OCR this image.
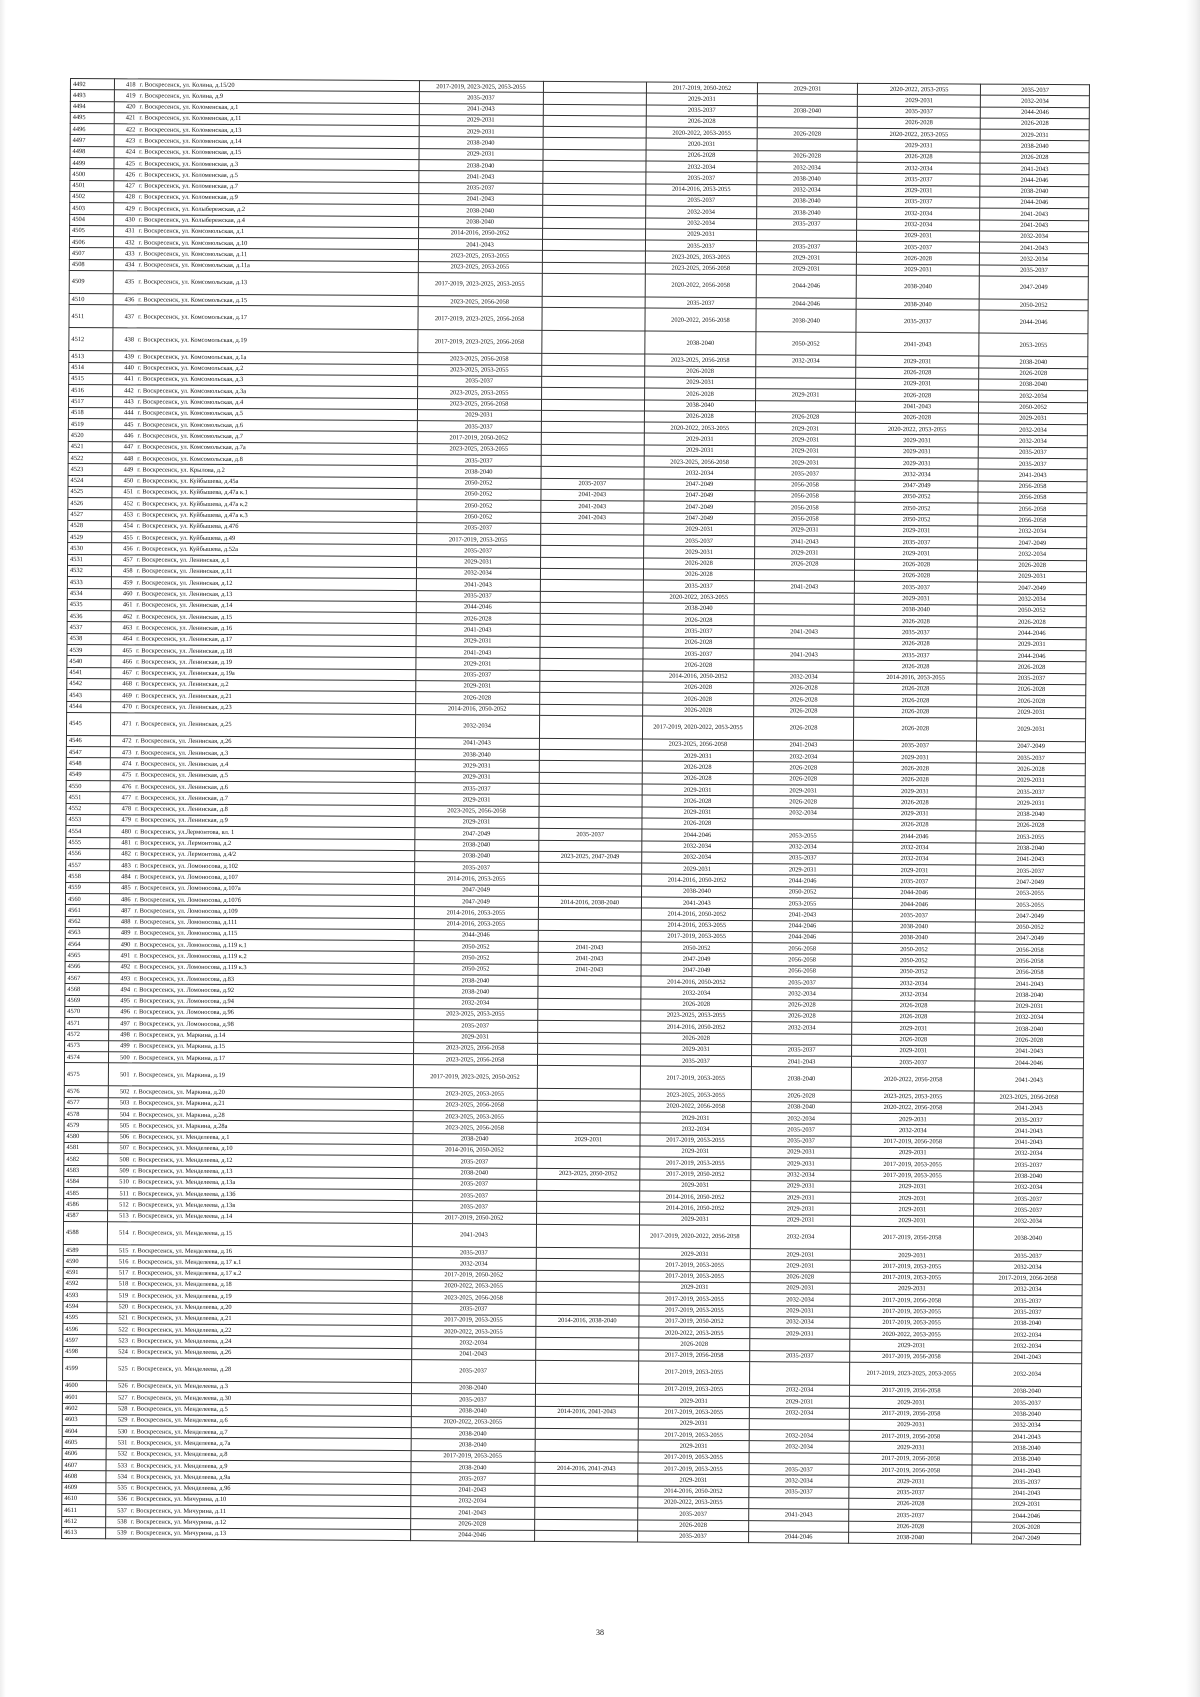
4492	418	г. Воскресенск, ул. Колина, д.15/20	2017-2019, 2023-2025, 2053-2055		2017-2019, 2050-2052	2029-2031	2020-2022, 2053-2055	2035-2037
4493	419	г. Воскресенск, ул. Колина, д.9	2035-2037		2029-2031		2029-2031	2032-2034
4494	420	г. Воскресенск, ул. Коломенская, д.1	2041-2043		2035-2037	2038-2040	2035-2037	2044-2046
4495	421	г. Воскресенск, ул. Коломенская, д.11	2029-2031		2026-2028		2026-2028	2026-2028
4496	422	г. Воскресенск, ул. Коломенская, д.13	2029-2031		2020-2022, 2053-2055	2026-2028	2020-2022, 2053-2055	2029-2031
4497	423	г. Воскресенск, ул. Коломенская, д.14	2038-2040		2020-2031		2029-2031	2038-2040
4498	424	г. Воскресенск, ул. Коломенская, д.15	2029-2031		2026-2028	2026-2028	2026-2028	2026-2028
4499	425	г. Воскресенск, ул. Коломенская, д.3	2038-2040		2032-2034	2032-2034	2032-2034	2041-2043
4500	426	г. Воскресенск, ул. Коломенская, д.5	2041-2043		2035-2037	2038-2040	2035-2037	2044-2046
4501	427	г. Воскресенск, ул. Коломенская, д.7	2035-2037		2014-2016, 2053-2055	2032-2034	2029-2031	2038-2040
4502	428	г. Воскресенск, ул. Коломенская, д.9	2041-2043		2035-2037	2038-2040	2035-2037	2044-2046
4503	429	г. Воскресенск, ул. Колыбережская, д.2	2038-2040		2032-2034	2038-2040	2032-2034	2041-2043
4504	430	г. Воскресенск, ул. Колыбережская, д.4	2038-2040		2032-2034	2035-2037	2032-2034	2041-2043
4505	431	г. Воскресенск, ул. Комсомольская, д.1	2014-2016, 2050-2052		2029-2031		2029-2031	2032-2034
4506	432	г. Воскресенск, ул. Комсомольская, д.10	2041-2043		2035-2037	2035-2037	2035-2037	2041-2043
4507	433	г. Воскресенск, ул. Комсомольская, д.11	2023-2025, 2053-2055		2023-2025, 2053-2055	2029-2031	2026-2028	2032-2034
4508	434	г. Воскресенск, ул. Комсомольская, д.11а	2023-2025, 2053-2055		2023-2025, 2056-2058	2029-2031	2029-2031	2035-2037
4509	435	г. Воскресенск, ул. Комсомольская, д.13	2017-2019, 2023-2025, 2053-2055		2020-2022, 2056-2058	2044-2046	2038-2040	2047-2049
4510	436	г. Воскресенск, ул. Комсомольская, д.15	2023-2025, 2056-2058		2035-2037	2044-2046	2038-2040	2050-2052
4511	437	г. Воскресенск, ул. Комсомольская, д.17	2017-2019, 2023-2025, 2056-2058		2020-2022, 2056-2058	2038-2040	2035-2037	2044-2046
4512	438	г. Воскресенск, ул. Комсомольская, д.19	2017-2019, 2023-2025, 2056-2058		2038-2040	2050-2052	2041-2043	2053-2055
4513	439	г. Воскресенск, ул. Комсомольская, д.1а	2023-2025, 2056-2058		2023-2025, 2056-2058	2032-2034	2029-2031	2038-2040
4514	440	г. Воскресенск, ул. Комсомольская, д.2	2023-2025, 2053-2055		2026-2028		2026-2028	2026-2028
4515	441	г. Воскресенск, ул. Комсомольская, д.3	2035-2037		2029-2031		2029-2031	2038-2040
4516	442	г. Воскресенск, ул. Комсомольская, д.3а	2023-2025, 2053-2055		2026-2028	2029-2031	2026-2028	2032-2034
4517	443	г. Воскресенск, ул. Комсомольская, д.4	2023-2025, 2056-2058		2038-2040		2041-2043	2050-2052
4518	444	г. Воскресенск, ул. Комсомольская, д.5	2029-2031		2026-2028	2026-2028	2026-2028	2029-2031
4519	445	г. Воскресенск, ул. Комсомольская, д.6	2035-2037		2020-2022, 2053-2055	2029-2031	2020-2022, 2053-2055	2032-2034
4520	446	г. Воскресенск, ул. Комсомольская, д.7	2017-2019, 2050-2052		2029-2031	2029-2031	2029-2031	2032-2034
4521	447	г. Воскресенск, ул. Комсомольская, д.7а	2023-2025, 2053-2055		2029-2031	2029-2031	2029-2031	2035-2037
4522	448	г. Воскресенск, ул. Комсомольская, д.8	2035-2037		2023-2025, 2056-2058	2029-2031	2029-2031	2035-2037
4523	449	г. Воскресенск, ул. Крылова, д.2	2038-2040		2032-2034	2035-2037	2032-2034	2041-2043
4524	450	г. Воскресенск, ул. Куйбышева, д.45а	2050-2052	2035-2037	2047-2049	2056-2058	2047-2049	2056-2058
4525	451	г. Воскресенск, ул. Куйбышева, д.47а к.1	2050-2052	2041-2043	2047-2049	2056-2058	2050-2052	2056-2058
4526	452	г. Воскресенск, ул. Куйбышева, д.47а к.2	2050-2052	2041-2043	2047-2049	2056-2058	2050-2052	2056-2058
4527	453	г. Воскресенск, ул. Куйбышева, д.47а к.3	2050-2052	2041-2043	2047-2049	2056-2058	2050-2052	2056-2058
4528	454	г. Воскресенск, ул. Куйбышева, д.47б	2035-2037		2029-2031	2029-2031	2029-2031	2032-2034
4529	455	г. Воскресенск, ул. Куйбышева, д.49	2017-2019, 2053-2055		2035-2037	2041-2043	2035-2037	2047-2049
4530	456	г. Воскресенск, ул. Куйбышева, д.52а	2035-2037		2029-2031	2029-2031	2029-2031	2032-2034
4531	457	г. Воскресенск, ул. Ленинская, д.1	2029-2031		2026-2028	2026-2028	2026-2028	2026-2028
4532	458	г. Воскресенск, ул. Ленинская, д.11	2032-2034		2026-2028		2026-2028	2029-2031
4533	459	г. Воскресенск, ул. Ленинская, д.12	2041-2043		2035-2037	2041-2043	2035-2037	2047-2049
4534	460	г. Воскресенск, ул. Ленинская, д.13	2035-2037		2020-2022, 2053-2055		2029-2031	2032-2034
4535	461	г. Воскресенск, ул. Ленинская, д.14	2044-2046		2038-2040		2038-2040	2050-2052
4536	462	г. Воскресенск, ул. Ленинская, д.15	2026-2028		2026-2028		2026-2028	2026-2028
4537	463	г. Воскресенск, ул. Ленинская, д.16	2041-2043		2035-2037	2041-2043	2035-2037	2044-2046
4538	464	г. Воскресенск, ул. Ленинская, д.17	2029-2031		2026-2028		2026-2028	2029-2031
4539	465	г. Воскресенск, ул. Ленинская, д.18	2041-2043		2035-2037	2041-2043	2035-2037	2044-2046
4540	466	г. Воскресенск, ул. Ленинская, д.19	2029-2031		2026-2028		2026-2028	2026-2028
4541	467	г. Воскресенск, ул. Ленинская, д.19а	2035-2037		2014-2016, 2050-2052	2032-2034	2014-2016, 2053-2055	2035-2037
4542	468	г. Воскресенск, ул. Ленинская, д.2	2029-2031		2026-2028	2026-2028	2026-2028	2026-2028
4543	469	г. Воскресенск, ул. Ленинская, д.21	2026-2028		2026-2028	2026-2028	2026-2028	2026-2028
4544	470	г. Воскресенск, ул. Ленинская, д.23	2014-2016, 2050-2052		2026-2028	2026-2028	2026-2028	2029-2031
4545	471	г. Воскресенск, ул. Ленинская, д.25	2032-2034		2017-2019, 2020-2022, 2053-2055	2026-2028	2026-2028	2029-2031
4546	472	г. Воскресенск, ул. Ленинская, д.26	2041-2043		2023-2025, 2056-2058	2041-2043	2035-2037	2047-2049
4547	473	г. Воскресенск, ул. Ленинская, д.3	2038-2040		2029-2031	2032-2034	2029-2031	2035-2037
4548	474	г. Воскресенск, ул. Ленинская, д.4	2029-2031		2026-2028	2026-2028	2026-2028	2026-2028
4549	475	г. Воскресенск, ул. Ленинская, д.5	2029-2031		2026-2028	2026-2028	2026-2028	2029-2031
4550	476	г. Воскресенск, ул. Ленинская, д.6	2035-2037		2029-2031	2029-2031	2029-2031	2035-2037
4551	477	г. Воскресенск, ул. Ленинская, д.7	2029-2031		2026-2028	2026-2028	2026-2028	2029-2031
4552	478	г. Воскресенск, ул. Ленинская, д.8	2023-2025, 2056-2058		2029-2031	2032-2034	2029-2031	2038-2040
4553	479	г. Воскресенск, ул. Ленинская, д.9	2029-2031		2026-2028		2026-2028	2026-2028
4554	480	г. Воскресенск, ул.Лермонтова, вл. 1	2047-2049	2035-2037	2044-2046	2053-2055	2044-2046	2053-2055
4555	481	г. Воскресенск, ул. Лермонтова, д.2	2038-2040		2032-2034	2032-2034	2032-2034	2038-2040
4556	482	г. Воскресенск, ул. Лермонтова, д.4/2	2038-2040	2023-2025, 2047-2049	2032-2034	2035-2037	2032-2034	2041-2043
4557	483	г. Воскресенск, ул. Ломоносова, д.102	2035-2037		2029-2031	2029-2031	2029-2031	2035-2037
4558	484	г. Воскресенск, ул. Ломоносова, д.107	2014-2016, 2053-2055		2014-2016, 2050-2052	2044-2046	2035-2037	2047-2049
4559	485	г. Воскресенск, ул. Ломоносова, д.107а	2047-2049		2038-2040	2050-2052	2044-2046	2053-2055
4560	486	г. Воскресенск, ул. Ломоносова, д.107б	2047-2049	2014-2016, 2038-2040	2041-2043	2053-2055	2044-2046	2053-2055
4561	487	г. Воскресенск, ул. Ломоносова, д.109	2014-2016, 2053-2055		2014-2016, 2050-2052	2041-2043	2035-2037	2047-2049
4562	488	г. Воскресенск, ул. Ломоносова, д.111	2014-2016, 2053-2055		2014-2016, 2053-2055	2044-2046	2038-2040	2050-2052
4563	489	г. Воскресенск, ул. Ломоносова, д.115	2044-2046		2017-2019, 2053-2055	2044-2046	2038-2040	2047-2049
4564	490	г. Воскресенск, ул. Ломоносова, д.119 к.1	2050-2052	2041-2043	2050-2052	2056-2058	2050-2052	2056-2058
4565	491	г. Воскресенск, ул. Ломоносова, д.119 к.2	2050-2052	2041-2043	2047-2049	2056-2058	2050-2052	2056-2058
4566	492	г. Воскресенск, ул. Ломоносова, д.119 к.3	2050-2052	2041-2043	2047-2049	2056-2058	2050-2052	2056-2058
4567	493	г. Воскресенск, ул. Ломоносова, д.83	2038-2040		2014-2016, 2050-2052	2035-2037	2032-2034	2041-2043
4568	494	г. Воскресенск, ул. Ломоносова, д.92	2038-2040		2032-2034	2032-2034	2032-2034	2038-2040
4569	495	г. Воскресенск, ул. Ломоносова, д.94	2032-2034		2026-2028	2026-2028	2026-2028	2029-2031
4570	496	г. Воскресенск, ул. Ломоносова, д.96	2023-2025, 2053-2055		2023-2025, 2053-2055	2026-2028	2026-2028	2032-2034
4571	497	г. Воскресенск, ул. Ломоносова, д.98	2035-2037		2014-2016, 2050-2052	2032-2034	2029-2031	2038-2040
4572	498	г. Воскресенск, ул. Маркина, д.14	2029-2031		2026-2028		2026-2028	2026-2028
4573	499	г. Воскресенск, ул. Маркина, д.15	2023-2025, 2056-2058		2029-2031	2035-2037	2029-2031	2041-2043
4574	500	г. Воскресенск, ул. Маркина, д.17	2023-2025, 2056-2058		2035-2037	2041-2043	2035-2037	2044-2046
4575	501	г. Воскресенск, ул. Маркина, д.19	2017-2019, 2023-2025, 2050-2052		2017-2019, 2053-2055	2038-2040	2020-2022, 2056-2058	2041-2043
4576	502	г. Воскресенск, ул. Маркина, д.20	2023-2025, 2053-2055		2023-2025, 2053-2055	2026-2028	2023-2025, 2053-2055	2023-2025, 2056-2058
4577	503	г. Воскресенск, ул. Маркина, д.21	2023-2025, 2056-2058		2020-2022, 2056-2058	2038-2040	2020-2022, 2056-2058	2041-2043
4578	504	г. Воскресенск, ул. Маркина, д.28	2023-2025, 2053-2055		2029-2031	2032-2034	2029-2031	2035-2037
4579	505	г. Воскресенск, ул. Маркина, д.28а	2023-2025, 2056-2058		2032-2034	2035-2037	2032-2034	2041-2043
4580	506	г. Воскресенск, ул. Менделеева, д.1	2038-2040	2029-2031	2017-2019, 2053-2055	2035-2037	2017-2019, 2056-2058	2041-2043
4581	507	г. Воскресенск, ул. Менделеева, д.10	2014-2016, 2050-2052		2029-2031	2029-2031	2029-2031	2032-2034
4582	508	г. Воскресенск, ул. Менделеева, д.12	2035-2037		2017-2019, 2053-2055	2029-2031	2017-2019, 2053-2055	2035-2037
4583	509	г. Воскресенск, ул. Менделеева, д.13	2038-2040	2023-2025, 2050-2052	2017-2019, 2050-2052	2032-2034	2017-2019, 2053-2055	2038-2040
4584	510	г. Воскресенск, ул. Менделеева, д.13а	2035-2037		2029-2031	2029-2031	2029-2031	2032-2034
4585	511	г. Воскресенск, ул. Менделеева, д.13б	2035-2037		2014-2016, 2050-2052	2029-2031	2029-2031	2035-2037
4586	512	г. Воскресенск, ул. Менделеева, д.13в	2035-2037		2014-2016, 2050-2052	2029-2031	2029-2031	2035-2037
4587	513	г. Воскресенск, ул. Менделеева, д.14	2017-2019, 2050-2052		2029-2031	2029-2031	2029-2031	2032-2034
4588	514	г. Воскресенск, ул. Менделеева, д.15	2041-2043		2017-2019, 2020-2022, 2056-2058	2032-2034	2017-2019, 2056-2058	2038-2040
4589	515	г. Воскресенск, ул. Менделеева, д.16	2035-2037		2029-2031	2029-2031	2029-2031	2035-2037
4590	516	г. Воскресенск, ул. Менделеева, д.17 к.1	2032-2034		2017-2019, 2053-2055	2029-2031	2017-2019, 2053-2055	2032-2034
4591	517	г. Воскресенск, ул. Менделеева, д.17 к.2	2017-2019, 2050-2052		2017-2019, 2053-2055	2026-2028	2017-2019, 2053-2055	2017-2019, 2056-2058
4592	518	г. Воскресенск, ул. Менделеева, д.18	2020-2022, 2053-2055		2029-2031	2029-2031	2029-2031	2032-2034
4593	519	г. Воскресенск, ул. Менделеева, д.19	2023-2025, 2056-2058		2017-2019, 2053-2055	2032-2034	2017-2019, 2056-2058	2035-2037
4594	520	г. Воскресенск, ул. Менделеева, д.20	2035-2037		2017-2019, 2053-2055	2029-2031	2017-2019, 2053-2055	2035-2037
4595	521	г. Воскресенск, ул. Менделеева, д.21	2017-2019, 2053-2055	2014-2016, 2038-2040	2017-2019, 2050-2052	2032-2034	2017-2019, 2053-2055	2038-2040
4596	522	г. Воскресенск, ул. Менделеева, д.22	2020-2022, 2053-2055		2020-2022, 2053-2055	2029-2031	2020-2022, 2053-2055	2032-2034
4597	523	г. Воскресенск, ул. Менделеева, д.24	2032-2034		2026-2028		2029-2031	2032-2034
4598	524	г. Воскресенск, ул. Менделеева, д.26	2041-2043		2017-2019, 2056-2058	2035-2037	2017-2019, 2056-2058	2041-2043
4599	525	г. Воскресенск, ул. Менделеева, д.28	2035-2037		2017-2019, 2053-2055		2017-2019, 2023-2025, 2053-2055	2032-2034
4600	526	г. Воскресенск, ул. Менделеева, д.3	2038-2040		2017-2019, 2053-2055	2032-2034	2017-2019, 2056-2058	2038-2040
4601	527	г. Воскресенск, ул. Менделеева, д.30	2035-2037		2029-2031	2029-2031	2029-2031	2035-2037
4602	528	г. Воскресенск, ул. Менделеева, д.5	2038-2040	2014-2016, 2041-2043	2017-2019, 2053-2055	2032-2034	2017-2019, 2056-2058	2038-2040
4603	529	г. Воскресенск, ул. Менделеева, д.6	2020-2022, 2053-2055		2029-2031		2029-2031	2032-2034
4604	530	г. Воскресенск, ул. Менделеева, д.7	2038-2040		2017-2019, 2053-2055	2032-2034	2017-2019, 2056-2058	2041-2043
4605	531	г. Воскресенск, ул. Менделеева, д.7а	2038-2040		2029-2031	2032-2034	2029-2031	2038-2040
4606	532	г. Воскресенск, ул. Менделеева, д.8	2017-2019, 2053-2055		2017-2019, 2053-2055		2017-2019, 2056-2058	2038-2040
4607	533	г. Воскресенск, ул. Менделеева, д.9	2038-2040	2014-2016, 2041-2043	2017-2019, 2053-2055	2035-2037	2017-2019, 2056-2058	2041-2043
4608	534	г. Воскресенск, ул. Менделеева, д.9а	2035-2037		2029-2031	2032-2034	2029-2031	2035-2037
4609	535	г. Воскресенск, ул. Менделеева, д.9б	2041-2043		2014-2016, 2050-2052	2035-2037	2035-2037	2041-2043
4610	536	г. Воскресенск, ул. Мичурина, д.10	2032-2034		2020-2022, 2053-2055		2026-2028	2029-2031
4611	537	г. Воскресенск, ул. Мичурина, д.11	2041-2043		2035-2037	2041-2043	2035-2037	2044-2046
4612	538	г. Воскресенск, ул. Мичурина, д.12	2026-2028		2026-2028		2026-2028	2026-2028
4613	539	г. Воскресенск, ул. Мичурина, д.13	2044-2046		2035-2037	2044-2046	2038-2040	2047-2049
38
